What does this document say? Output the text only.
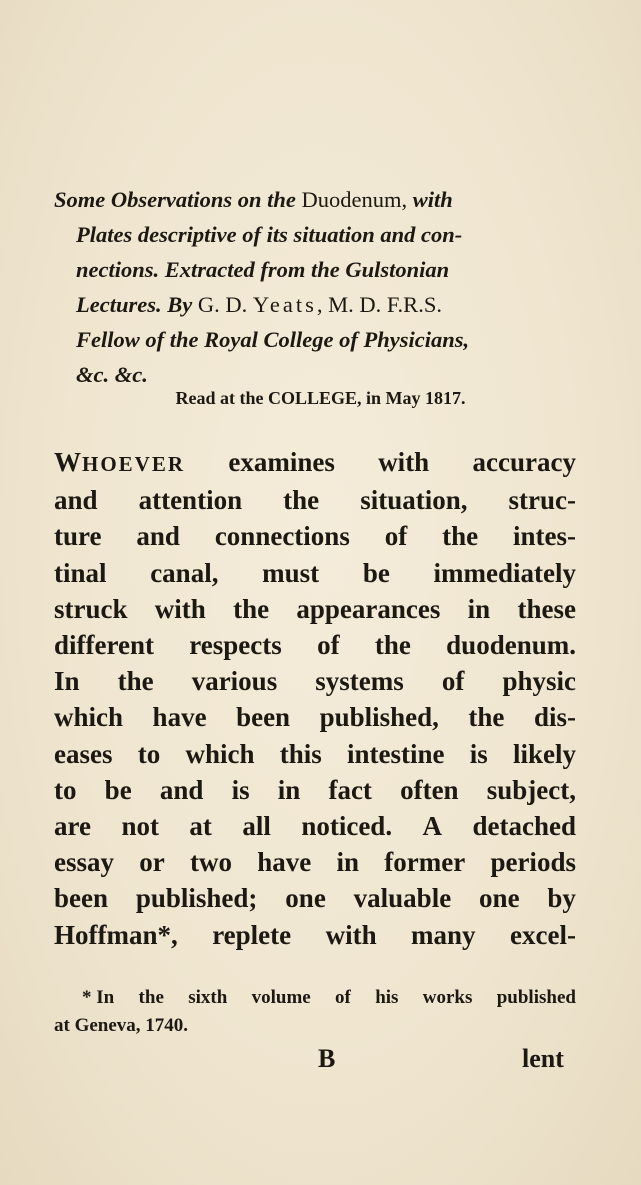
Some Observations on the Duodenum, with
Plates descriptive of its situation and con-
nections. Extracted from the Gulstonian
Lectures. By G. D. Yeats, M. D. F.R.S.
Fellow of the Royal College of Physicians,
&c. &c.
Read at the COLLEGE, in May 1817.
WHOEVER examines with accuracy
and attention the situation, struc-
ture and connections of the intes-
tinal canal, must be immediately
struck with the appearances in these
different respects of the duodenum.
In the various systems of physic
which have been published, the dis-
eases to which this intestine is likely
to be and is in fact often subject,
are not at all noticed. A detached
essay or two have in former periods
been published; one valuable one by
Hoffman*, replete with many excel-
* In the sixth volume of his works published
at Geneva, 1740.
B	lent
